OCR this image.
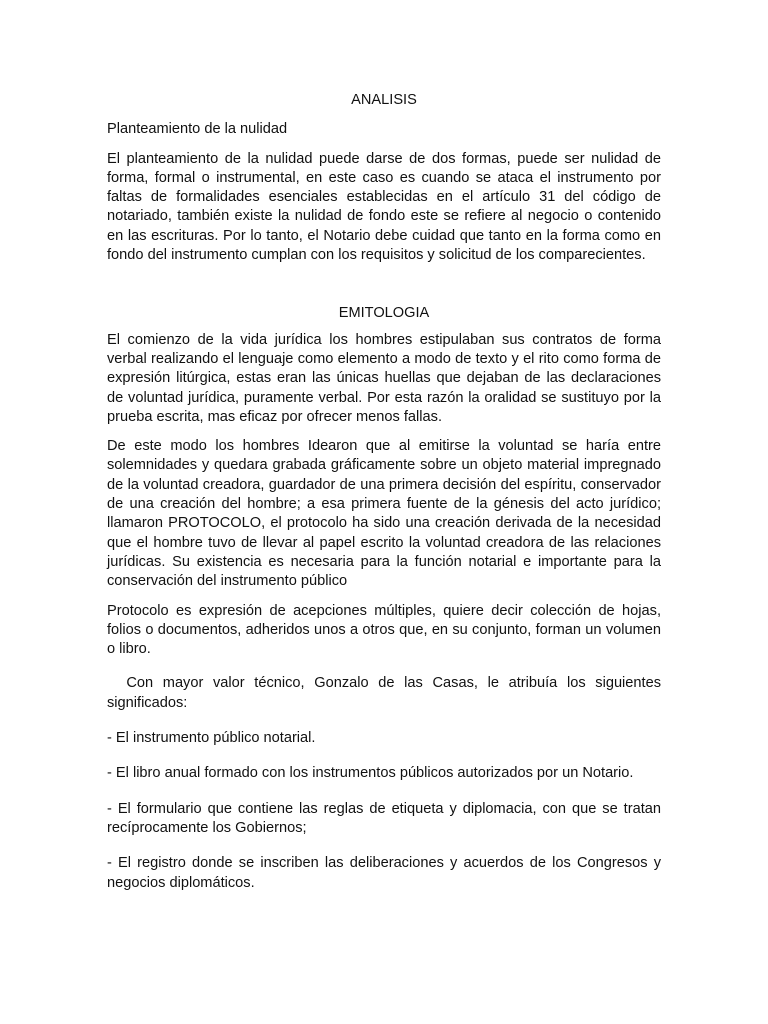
ANALISIS
Planteamiento de la nulidad

El planteamiento de la nulidad puede darse de dos formas, puede ser nulidad de forma, formal o instrumental, en este caso es cuando se ataca el instrumento por faltas de formalidades esenciales establecidas en el artículo 31 del código de notariado, también existe la nulidad de fondo este se refiere al negocio o contenido en las escrituras. Por lo tanto, el Notario debe cuidad que tanto en la forma como en fondo del instrumento cumplan con los requisitos y solicitud de los comparecientes.

EMITOLOGIA

El comienzo de la vida jurídica los hombres estipulaban sus contratos de forma verbal realizando el lenguaje como elemento a modo de texto y el rito como forma de expresión litúrgica, estas eran las únicas huellas que dejaban de las declaraciones de voluntad jurídica, puramente verbal. Por esta razón la oralidad se sustituyo por la prueba escrita, mas eficaz por ofrecer menos fallas.

De este modo los hombres Idearon que al emitirse la voluntad se haría entre solemnidades y quedara grabada gráficamente sobre un objeto material impregnado de la voluntad creadora, guardador de una primera decisión del espíritu, conservador de una creación del hombre; a esa primera fuente de la génesis del acto jurídico; llamaron PROTOCOLO, el protocolo ha sido una creación derivada de la necesidad que el hombre tuvo de llevar al papel escrito la voluntad creadora de las relaciones jurídicas. Su existencia es necesaria para la función notarial e importante para la conservación del instrumento público

Protocolo es expresión de acepciones múltiples, quiere decir colección de hojas, folios o documentos, adheridos unos a otros que, en su conjunto, forman un volumen o libro.

Con mayor valor técnico, Gonzalo de las Casas, le atribuía los siguientes significados:

- El instrumento público notarial.

- El libro anual formado con los instrumentos públicos autorizados por un Notario.

- El formulario que contiene las reglas de etiqueta y diplomacia, con que se tratan recíprocamente los Gobiernos;

- El registro donde se inscriben las deliberaciones y acuerdos de los Congresos y negocios diplomáticos.
